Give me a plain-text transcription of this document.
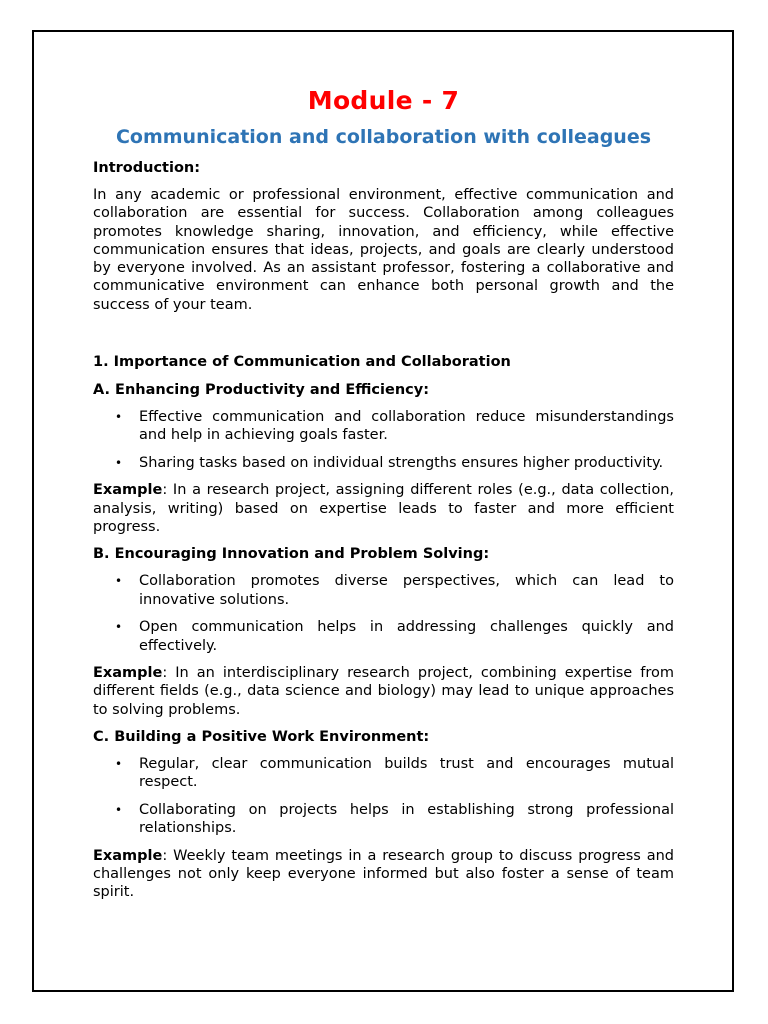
Module - 7
Communication and collaboration with colleagues
Introduction:

In any academic or professional environment, effective communication and collaboration are essential for success. Collaboration among colleagues promotes knowledge sharing, innovation, and efficiency, while effective communication ensures that ideas, projects, and goals are clearly understood by everyone involved. As an assistant professor, fostering a collaborative and communicative environment can enhance both personal growth and the success of your team.

1. Importance of Communication and Collaboration
A. Enhancing Productivity and Efficiency:
• Effective communication and collaboration reduce misunderstandings and help in achieving goals faster.
• Sharing tasks based on individual strengths ensures higher productivity.

Example: In a research project, assigning different roles (e.g., data collection, analysis, writing) based on expertise leads to faster and more efficient progress.

B. Encouraging Innovation and Problem Solving:
• Collaboration promotes diverse perspectives, which can lead to innovative solutions.
• Open communication helps in addressing challenges quickly and effectively.

Example: In an interdisciplinary research project, combining expertise from different fields (e.g., data science and biology) may lead to unique approaches to solving problems.

C. Building a Positive Work Environment:
• Regular, clear communication builds trust and encourages mutual respect.
• Collaborating on projects helps in establishing strong professional relationships.

Example: Weekly team meetings in a research group to discuss progress and challenges not only keep everyone informed but also foster a sense of team spirit.
